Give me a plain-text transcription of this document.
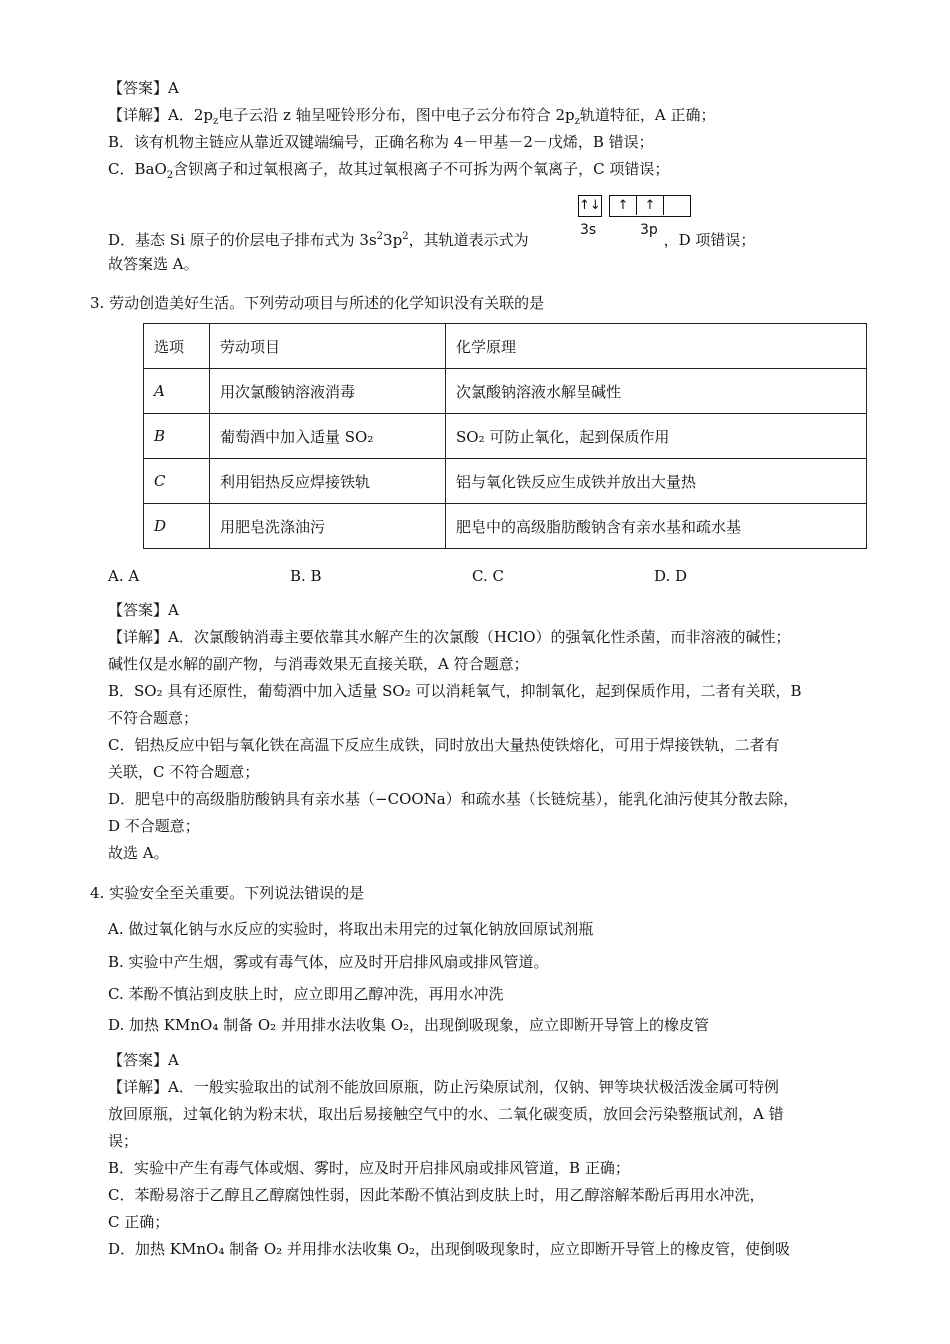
【答案】A
【详解】A．$2p_z$电子云沿 z 轴呈哑铃形分布，图中电子云分布符合 $2p_z$轨道特征，A 正确；
B．该有机物主链应从靠近双键端编号，正确名称为 4－甲基－2－戊烯，B 错误；
C．BaO$_2$含钡离子和过氧根离子，故其过氧根离子不可拆为两个氧离子，C 项错误；
D．基态 Si 原子的价层电子排布式为 $3s^23p^2$，其轨道表示式为	，D 项错误；
↑↓	↑	↑
3s	3p
故答案选 A。
3. 劳动创造美好生活。下列劳动项目与所述的化学知识没有关联的是
选项	劳动项目	化学原理
A	用次氯酸钠溶液消毒	次氯酸钠溶液水解呈碱性
B	葡萄酒中加入适量 SO₂	SO₂ 可防止氧化，起到保质作用
C	利用铝热反应焊接铁轨	铝与氧化铁反应生成铁并放出大量热
D	用肥皂洗涤油污	肥皂中的高级脂肪酸钠含有亲水基和疏水基
A. A	B. B	C. C	D. D
【答案】A
【详解】A．次氯酸钠消毒主要依靠其水解产生的次氯酸（HClO）的强氧化性杀菌，而非溶液的碱性；
碱性仅是水解的副产物，与消毒效果无直接关联，A 符合题意；
B．SO₂ 具有还原性，葡萄酒中加入适量 SO₂ 可以消耗氧气，抑制氧化，起到保质作用，二者有关联，B
不符合题意；
C．铝热反应中铝与氧化铁在高温下反应生成铁，同时放出大量热使铁熔化，可用于焊接铁轨，二者有
关联，C 不符合题意；
D．肥皂中的高级脂肪酸钠具有亲水基（−COONa）和疏水基（长链烷基），能乳化油污使其分散去除，
D 不合题意；
故选 A。
4. 实验安全至关重要。下列说法错误的是
A. 做过氧化钠与水反应的实验时，将取出未用完的过氧化钠放回原试剂瓶
B. 实验中产生烟，雾或有毒气体，应及时开启排风扇或排风管道。
C. 苯酚不慎沾到皮肤上时，应立即用乙醇冲洗，再用水冲洗
D. 加热 KMnO₄ 制备 O₂ 并用排水法收集 O₂，出现倒吸现象，应立即断开导管上的橡皮管
【答案】A
【详解】A．一般实验取出的试剂不能放回原瓶，防止污染原试剂，仅钠、钾等块状极活泼金属可特例
放回原瓶，过氧化钠为粉末状，取出后易接触空气中的水、二氧化碳变质，放回会污染整瓶试剂，A 错
误；
B．实验中产生有毒气体或烟、雾时，应及时开启排风扇或排风管道，B 正确；
C．苯酚易溶于乙醇且乙醇腐蚀性弱，因此苯酚不慎沾到皮肤上时，用乙醇溶解苯酚后再用水冲洗，
C 正确；
D．加热 KMnO₄ 制备 O₂ 并用排水法收集 O₂，出现倒吸现象时，应立即断开导管上的橡皮管，使倒吸
